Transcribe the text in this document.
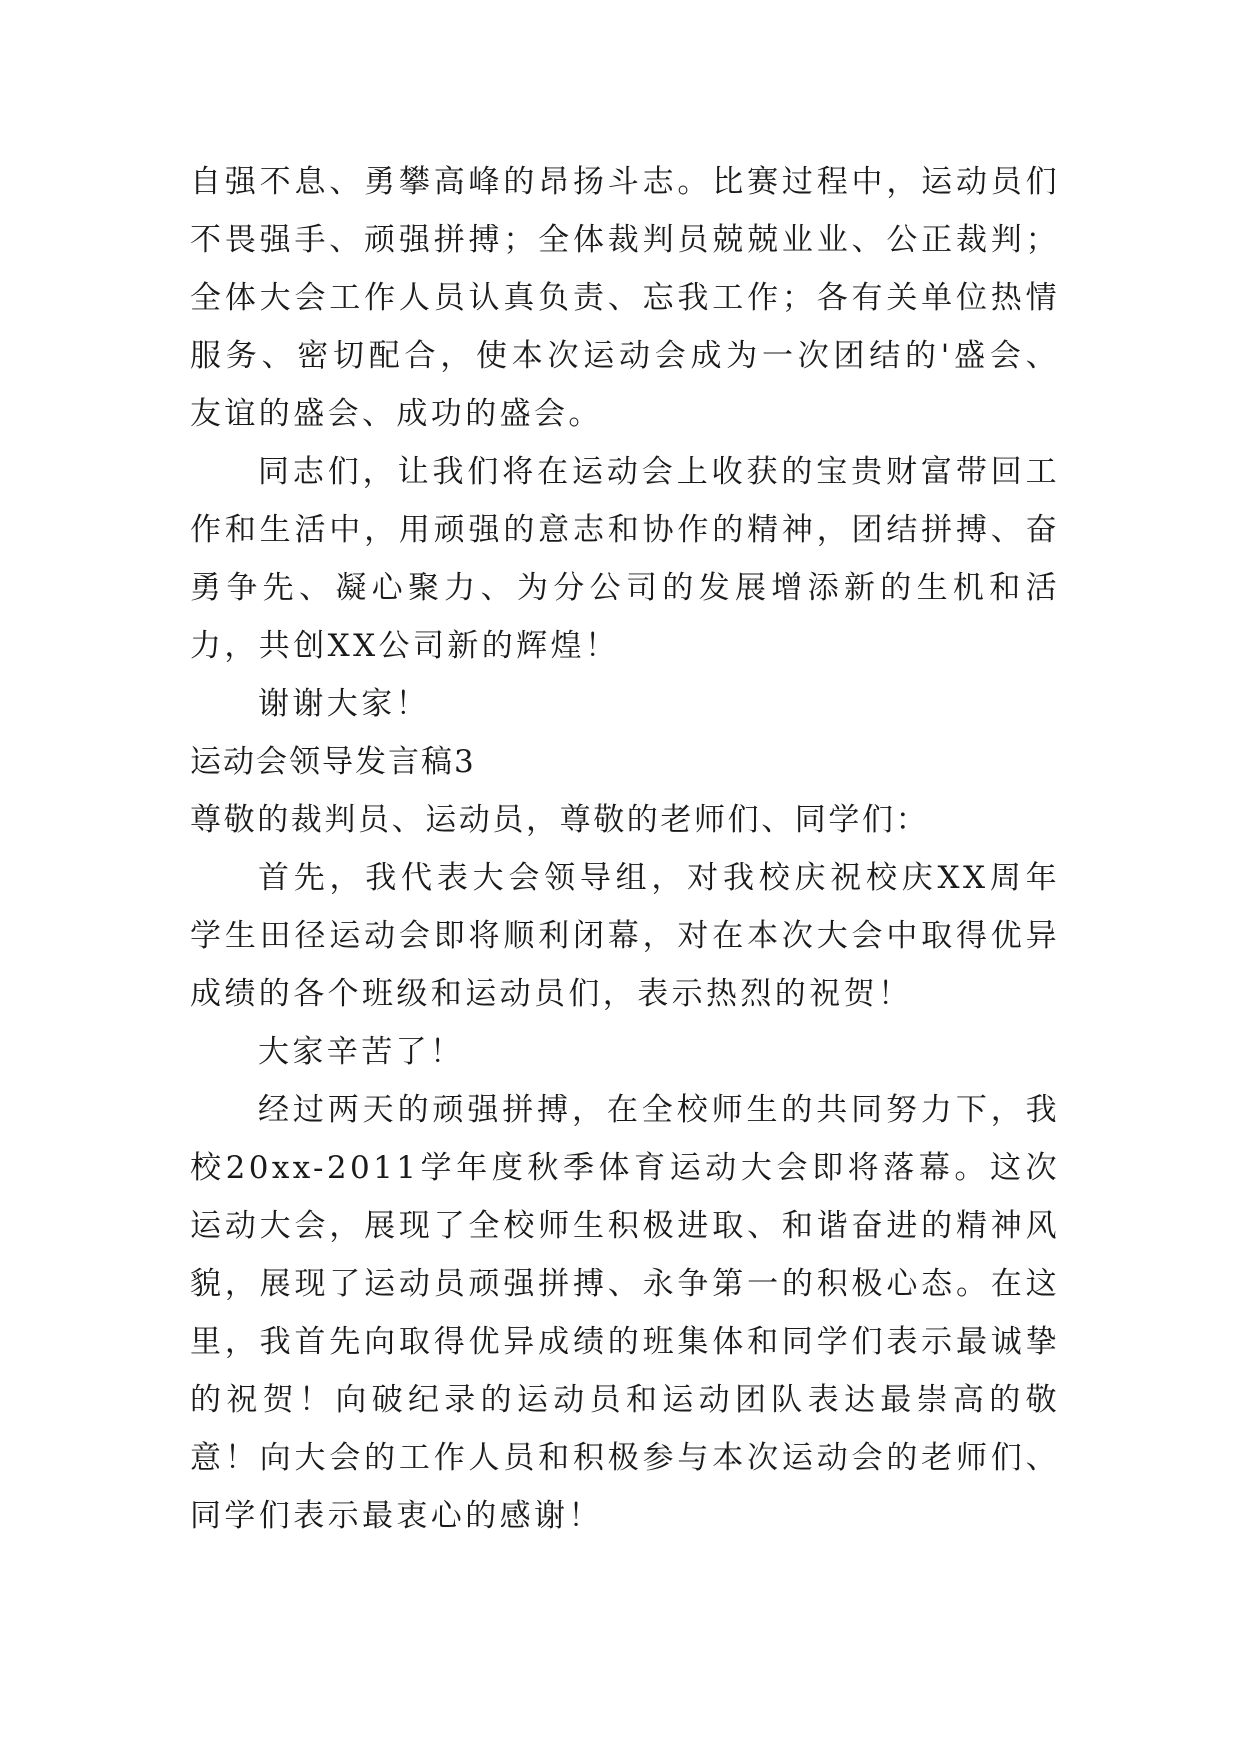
自强不息、勇攀高峰的昂扬斗志。比赛过程中，运动员们不畏强手、顽强拼搏；全体裁判员兢兢业业、公正裁判；全体大会工作人员认真负责、忘我工作；各有关单位热情服务、密切配合，使本次运动会成为一次团结的'盛会、友谊的盛会、成功的盛会。

同志们，让我们将在运动会上收获的宝贵财富带回工作和生活中，用顽强的意志和协作的精神，团结拼搏、奋勇争先、凝心聚力、为分公司的发展增添新的生机和活力，共创XX公司新的辉煌！

谢谢大家！

运动会领导发言稿3

尊敬的裁判员、运动员，尊敬的老师们、同学们：

首先，我代表大会领导组，对我校庆祝校庆XX周年学生田径运动会即将顺利闭幕，对在本次大会中取得优异成绩的各个班级和运动员们，表示热烈的祝贺！

大家辛苦了！

经过两天的顽强拼搏，在全校师生的共同努力下，我校20xx-2011学年度秋季体育运动大会即将落幕。这次运动大会，展现了全校师生积极进取、和谐奋进的精神风貌，展现了运动员顽强拼搏、永争第一的积极心态。在这里，我首先向取得优异成绩的班集体和同学们表示最诚挚的祝贺！向破纪录的运动员和运动团队表达最崇高的敬意！向大会的工作人员和积极参与本次运动会的老师们、同学们表示最衷心的感谢！
